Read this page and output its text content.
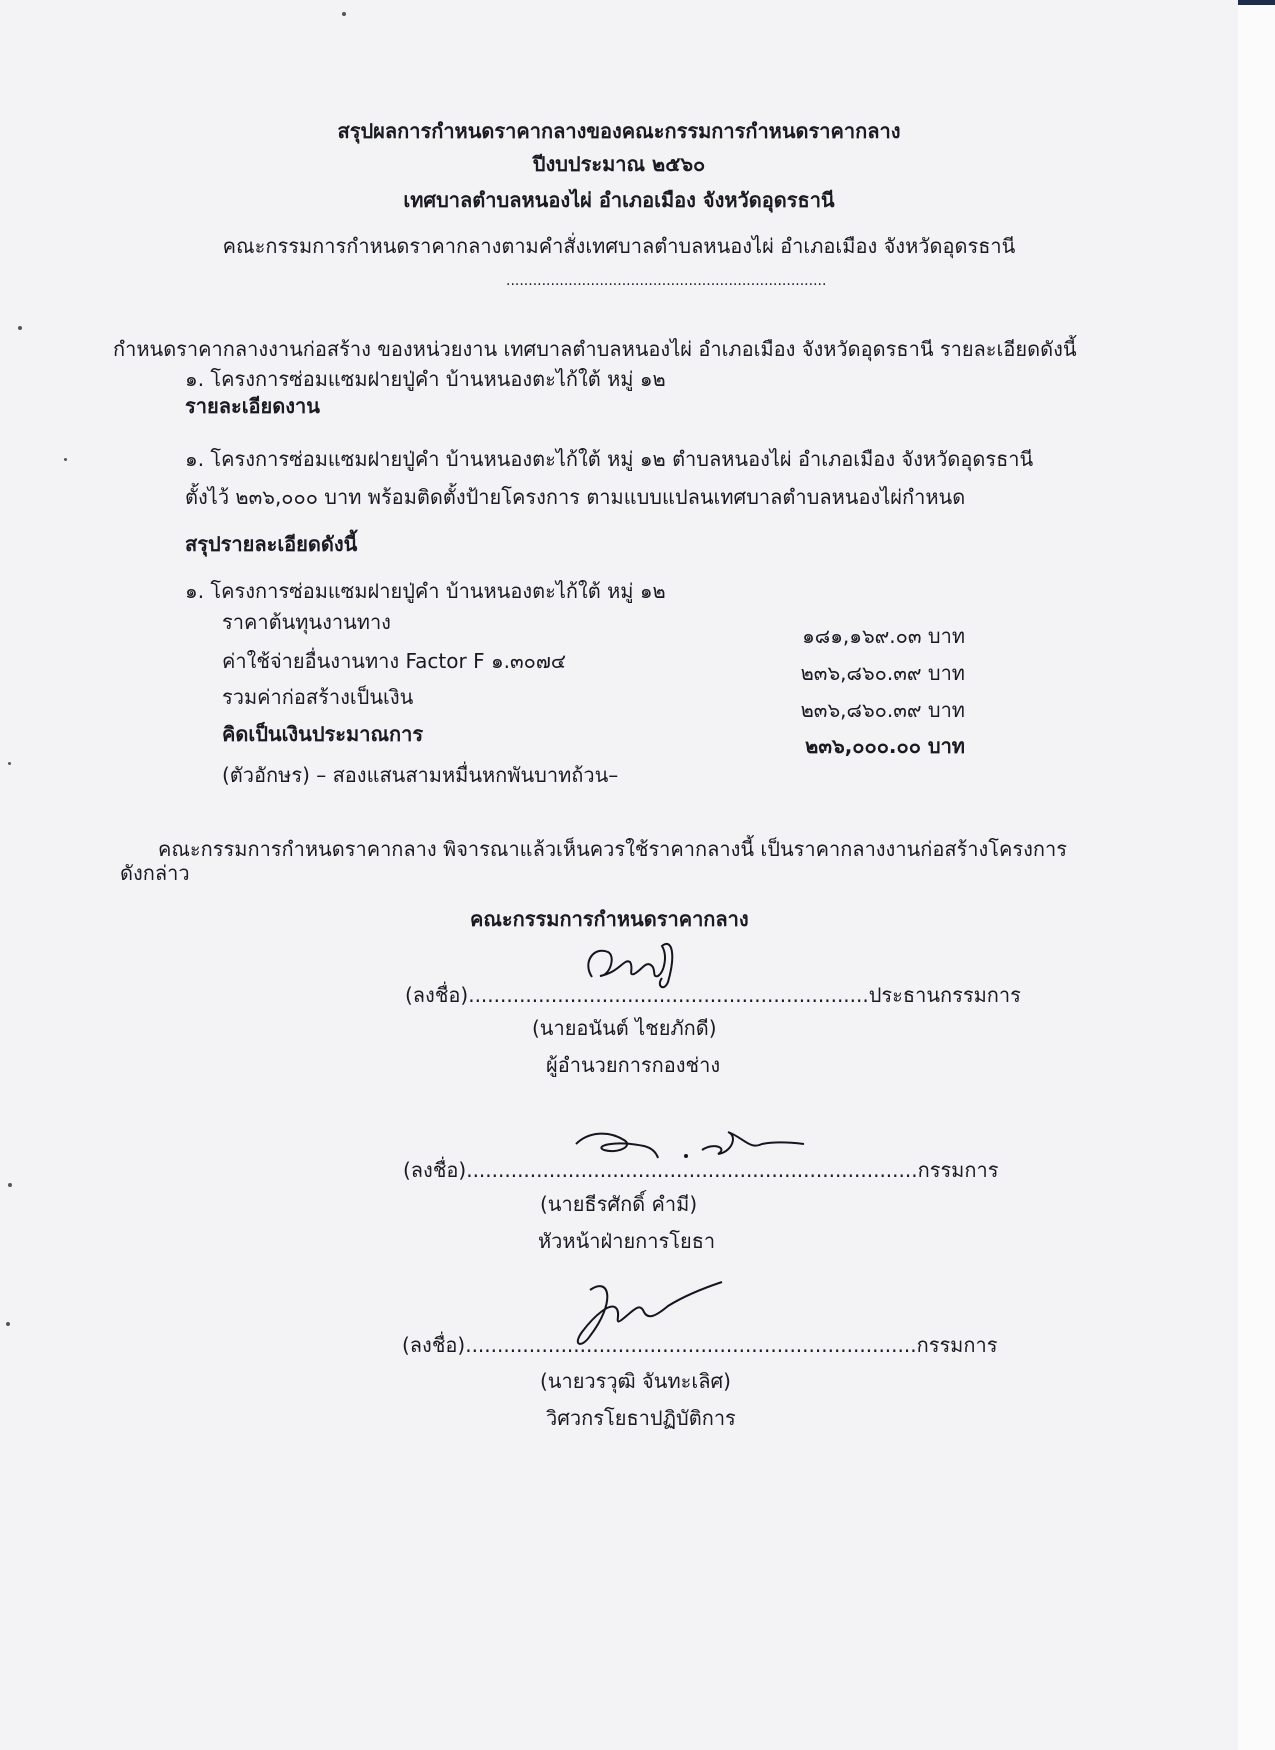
สรุปผลการกำหนดราคากลางของคณะกรรมการกำหนดราคากลาง
ปีงบประมาณ ๒๕๖๐
เทศบาลตำบลหนองไผ่ อำเภอเมือง จังหวัดอุดรธานี
คณะกรรมการกำหนดราคากลางตามคำสั่งเทศบาลตำบลหนองไผ่ อำเภอเมือง จังหวัดอุดรธานี
........................................................................
กำหนดราคากลางงานก่อสร้าง ของหน่วยงาน เทศบาลตำบลหนองไผ่ อำเภอเมือง จังหวัดอุดรธานี รายละเอียดดังนี้
๑. โครงการซ่อมแซมฝายปู่คำ บ้านหนองตะไก้ใต้ หมู่ ๑๒
รายละเอียดงาน
๑. โครงการซ่อมแซมฝายปู่คำ บ้านหนองตะไก้ใต้ หมู่ ๑๒ ตำบลหนองไผ่ อำเภอเมือง จังหวัดอุดรธานี
ตั้งไว้ ๒๓๖,๐๐๐ บาท พร้อมติดตั้งป้ายโครงการ ตามแบบแปลนเทศบาลตำบลหนองไผ่กำหนด
สรุปรายละเอียดดังนี้
๑. โครงการซ่อมแซมฝายปู่คำ บ้านหนองตะไก้ใต้ หมู่ ๑๒
ราคาต้นทุนงานทาง
ค่าใช้จ่ายอื่นงานทาง Factor F ๑.๓๐๗๔
๑๘๑,๑๖๙.๐๓ บาท
รวมค่าก่อสร้างเป็นเงิน
๒๓๖,๘๖๐.๓๙ บาท
คิดเป็นเงินประมาณการ
๒๓๖,๘๖๐.๓๙ บาท
๒๓๖,๐๐๐.๐๐ บาท
(ตัวอักษร) – สองแสนสามหมื่นหกพันบาทถ้วน–
คณะกรรมการกำหนดราคากลาง พิจารณาแล้วเห็นควรใช้ราคากลางนี้ เป็นราคากลางงานก่อสร้างโครงการ
ดังกล่าว
คณะกรรมการกำหนดราคากลาง
(ลงชื่อ)...............................................................ประธานกรรมการ
(นายอนันต์ ไชยภักดี)
ผู้อำนวยการกองช่าง
(ลงชื่อ).......................................................................กรรมการ
(นายธีรศักดิ์ คำมี)
หัวหน้าฝ่ายการโยธา
(ลงชื่อ).......................................................................กรรมการ
(นายวรวุฒิ จันทะเลิศ)
วิศวกรโยธาปฏิบัติการ
